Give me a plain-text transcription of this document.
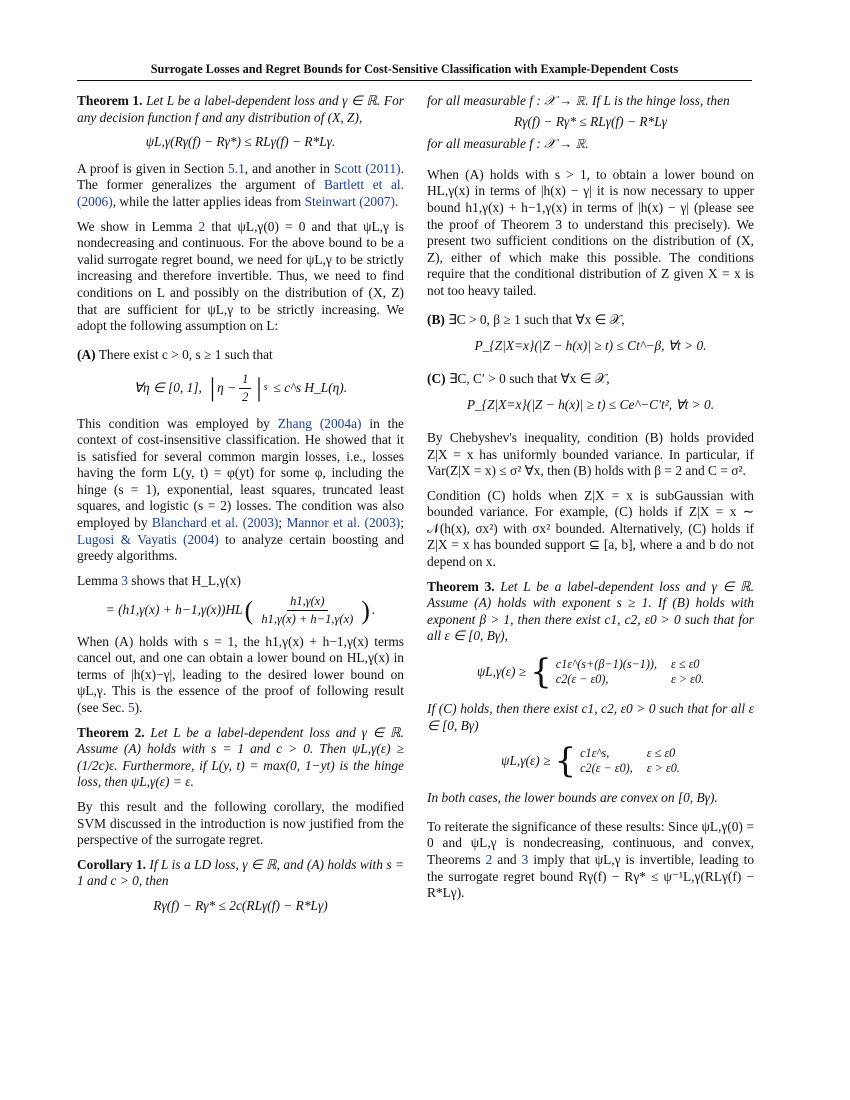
Surrogate Losses and Regret Bounds for Cost-Sensitive Classification with Example-Dependent Costs

Theorem 1. Let L be a label-dependent loss and γ ∈ ℝ. For any decision function f and any distribution of (X, Z),

ψL,γ(Rγ(f) − Rγ*) ≤ RLγ(f) − R*Lγ.

A proof is given in Section 5.1, and another in Scott (2011). The former generalizes the argument of Bartlett et al. (2006), while the latter applies ideas from Steinwart (2007).

We show in Lemma 2 that ψL,γ(0) = 0 and that ψL,γ is nondecreasing and continuous. For the above bound to be a valid surrogate regret bound, we need for ψL,γ to be strictly increasing and therefore invertible. Thus, we need to find conditions on L and possibly on the distribution of (X, Z) that are sufficient for ψL,γ to be strictly increasing. We adopt the following assumption on L:

(A) There exist c > 0, s ≥ 1 such that

∀η ∈ [0, 1], | $\eta - \frac{1}{2}$ | s ≤ c^s H_L(η).

This condition was employed by Zhang (2004a) in the context of cost-insensitive classification. He showed that it is satisfied for several common margin losses, i.e., losses having the form L(y, t) = φ(yt) for some φ, including the hinge (s = 1), exponential, least squares, truncated least squares, and logistic (s = 2) losses. The condition was also employed by Blanchard et al. (2003); Mannor et al. (2003); Lugosi & Vayatis (2004) to analyze certain boosting and greedy algorithms.

Lemma 3 shows that H_L,γ(x)

= (h1,γ(x) + h−1,γ(x))HL ( $\frac{h1,\gamma(x)}{h1,\gamma(x) + h-1,\gamma(x)}$ ) .

When (A) holds with s = 1, the h1,γ(x) + h−1,γ(x) terms cancel out, and one can obtain a lower bound on HL,γ(x) in terms of |h(x)−γ|, leading to the desired lower bound on ψL,γ. This is the essence of the proof of following result (see Sec. 5).

Theorem 2. Let L be a label-dependent loss and γ ∈ ℝ. Assume (A) holds with s = 1 and c > 0. Then ψL,γ(ε) ≥ (1/2c)ε. Furthermore, if L(y, t) = max(0, 1−yt) is the hinge loss, then ψL,γ(ε) = ε.

By this result and the following corollary, the modified SVM discussed in the introduction is now justified from the perspective of the surrogate regret.

Corollary 1. If L is a LD loss, γ ∈ ℝ, and (A) holds with s = 1 and c > 0, then

Rγ(f) − Rγ* ≤ 2c(RLγ(f) − R*Lγ)

for all measurable f : 𝒳 → ℝ. If L is the hinge loss, then

Rγ(f) − Rγ* ≤ RLγ(f) − R*Lγ

for all measurable f : 𝒳 → ℝ.

When (A) holds with s > 1, to obtain a lower bound on HL,γ(x) in terms of |h(x) − γ| it is now necessary to upper bound h1,γ(x) + h−1,γ(x) in terms of |h(x) − γ| (please see the proof of Theorem 3 to understand this precisely). We present two sufficient conditions on the distribution of (X, Z), either of which make this possible. The conditions require that the conditional distribution of Z given X = x is not too heavy tailed.

(B) ∃C > 0, β ≥ 1 such that ∀x ∈ 𝒳,

P_{Z|X=x}(|Z − h(x)| ≥ t) ≤ Ct^−β, ∀t > 0.

(C) ∃C, C′ > 0 such that ∀x ∈ 𝒳,

P_{Z|X=x}(|Z − h(x)| ≥ t) ≤ Ce^−C′t², ∀t > 0.

By Chebyshev's inequality, condition (B) holds provided Z|X = x has uniformly bounded variance. In particular, if Var(Z|X = x) ≤ σ² ∀x, then (B) holds with β = 2 and C = σ².

Condition (C) holds when Z|X = x is subGaussian with bounded variance. For example, (C) holds if Z|X = x ∼ 𝒩(h(x), σx²) with σx² bounded. Alternatively, (C) holds if Z|X = x has bounded support ⊆ [a, b], where a and b do not depend on x.

Theorem 3. Let L be a label-dependent loss and γ ∈ ℝ. Assume (A) holds with exponent s ≥ 1. If (B) holds with exponent β > 1, then there exist c1, c2, ε0 > 0 such that for all ε ∈ [0, Bγ),

ψL,γ(ε) ≥ { c1ε^(s+(β−1)(s−1)), ε ≤ ε0
c2(ε − ε0),	ε > ε0.

If (C) holds, then there exist c1, c2, ε0 > 0 such that for all ε ∈ [0, Bγ)

ψL,γ(ε) ≥ { c1ε^s,	ε ≤ ε0
c2(ε − ε0), ε > ε0.

In both cases, the lower bounds are convex on [0, Bγ).

To reiterate the significance of these results: Since ψL,γ(0) = 0 and ψL,γ is nondecreasing, continuous, and convex, Theorems 2 and 3 imply that ψL,γ is invertible, leading to the surrogate regret bound Rγ(f) − Rγ* ≤ ψ⁻¹L,γ(RLγ(f) − R*Lγ).
